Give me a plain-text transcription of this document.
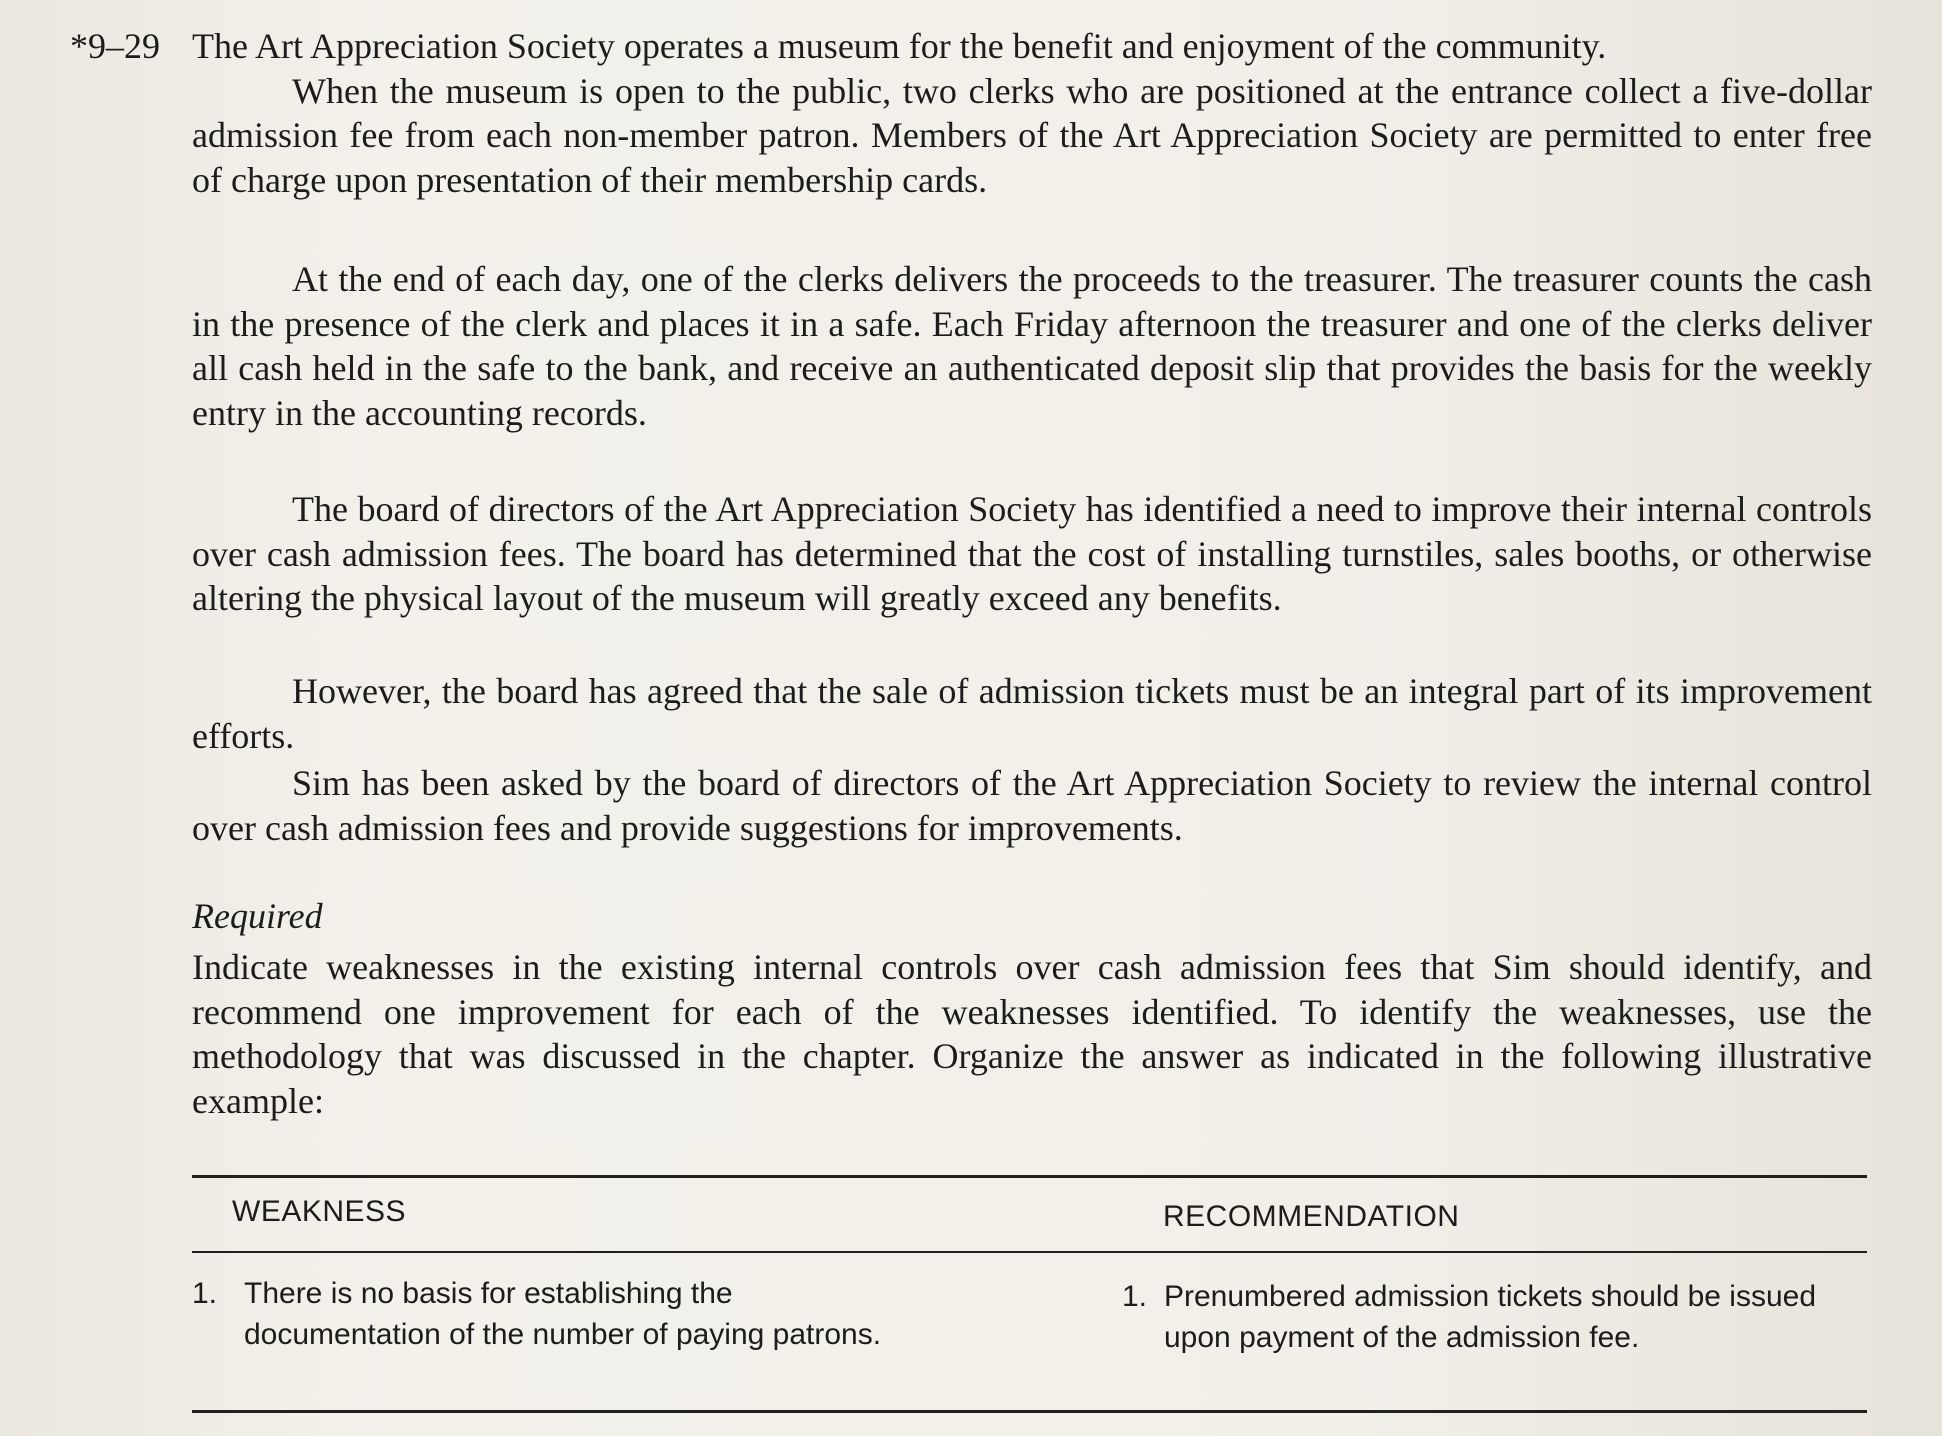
*9–29 The Art Appreciation Society operates a museum for the benefit and enjoyment of the community.
When the museum is open to the public, two clerks who are positioned at the entrance collect a five-dollar admission fee from each non-member patron. Members of the Art Appreciation Society are permitted to enter free of charge upon presentation of their membership cards.
At the end of each day, one of the clerks delivers the proceeds to the treasurer. The treasurer counts the cash in the presence of the clerk and places it in a safe. Each Friday afternoon the treasurer and one of the clerks deliver all cash held in the safe to the bank, and receive an authenticated deposit slip that provides the basis for the weekly entry in the accounting records.
The board of directors of the Art Appreciation Society has identified a need to improve their internal controls over cash admission fees. The board has determined that the cost of installing turnstiles, sales booths, or otherwise altering the physical layout of the museum will greatly exceed any benefits.
However, the board has agreed that the sale of admission tickets must be an integral part of its improvement efforts.
Sim has been asked by the board of directors of the Art Appreciation Society to review the internal control over cash admission fees and provide suggestions for improvements.
Required
Indicate weaknesses in the existing internal controls over cash admission fees that Sim should identify, and recommend one improvement for each of the weaknesses identified. To identify the weaknesses, use the methodology that was discussed in the chapter. Organize the answer as indicated in the following illustrative example:
WEAKNESS	RECOMMENDATION
1. There is no basis for establishing the documentation of the number of paying patrons.
1. Prenumbered admission tickets should be issued upon payment of the admission fee.
